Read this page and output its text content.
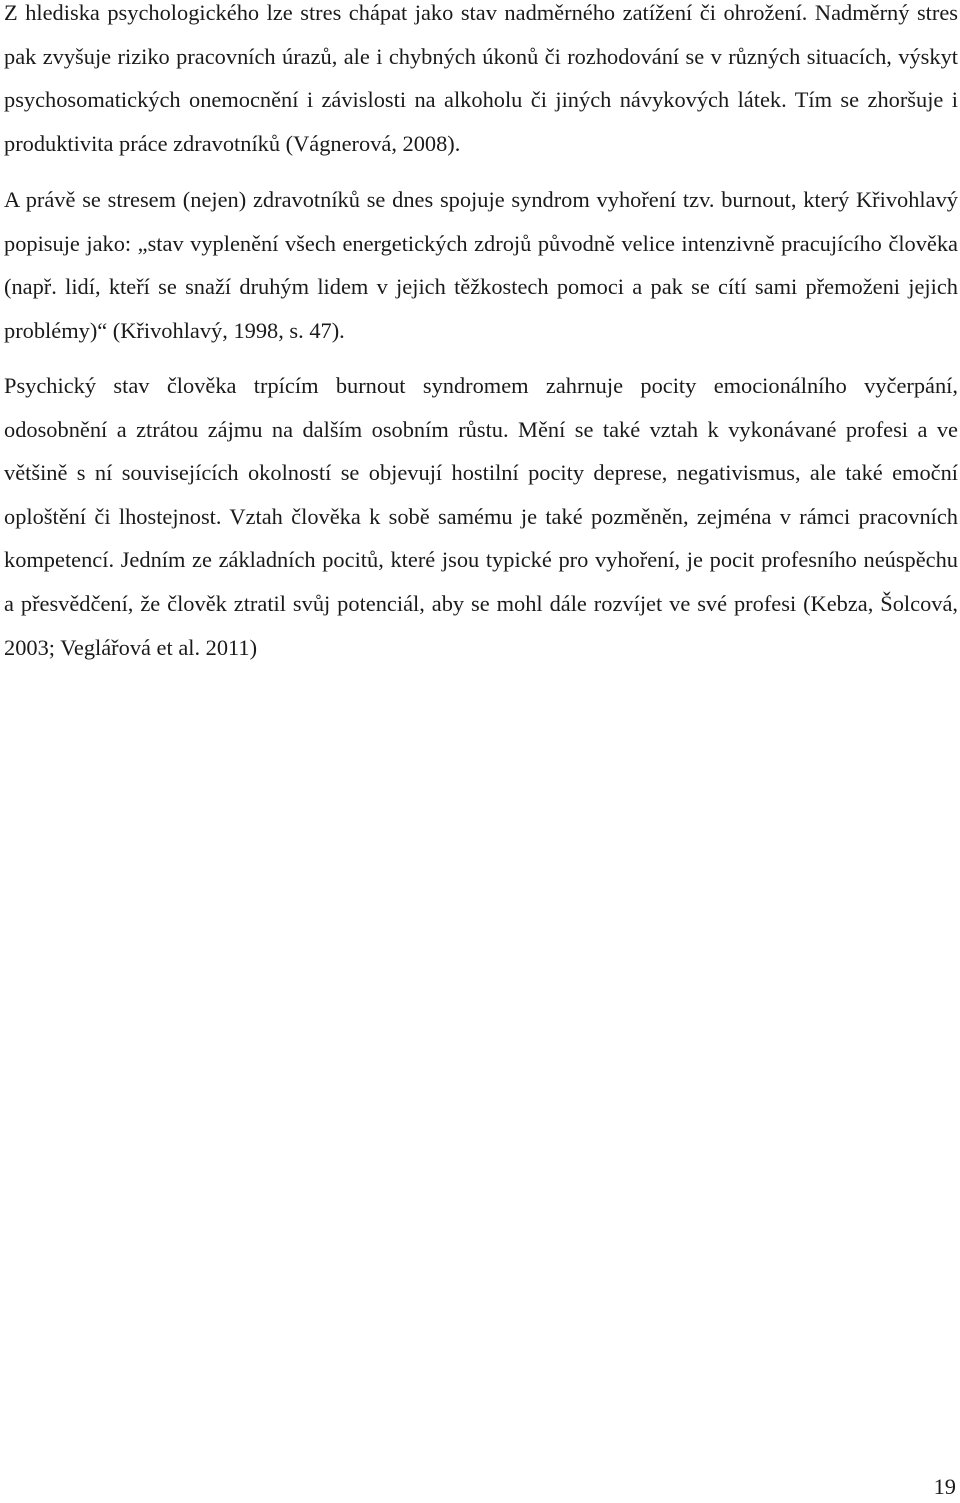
Z hlediska psychologického lze stres chápat jako stav nadměrného zatížení či ohrožení. Nadměrný stres pak zvyšuje riziko pracovních úrazů, ale i chybných úkonů či rozhodování se v různých situacích, výskyt psychosomatických onemocnění i závislosti na alkoholu či jiných návykových látek. Tím se zhoršuje i produktivita práce zdravotníků (Vágnerová, 2008).

A právě se stresem (nejen) zdravotníků se dnes spojuje syndrom vyhoření tzv. burnout, který Křivohlavý popisuje jako: „stav vyplenění všech energetických zdrojů původně velice intenzivně pracujícího člověka (např. lidí, kteří se snaží druhým lidem v jejich těžkostech pomoci a pak se cítí sami přemoženi jejich problémy)“ (Křivohlavý, 1998, s. 47).

Psychický stav člověka trpícím burnout syndromem zahrnuje pocity emocionálního vyčerpání, odosobnění a ztrátou zájmu na dalším osobním růstu. Mění se také vztah k vykonávané profesi a ve většině s ní souvisejících okolností se objevují hostilní pocity deprese, negativismus, ale také emoční oploštění či lhostejnost. Vztah člověka k sobě samému je také pozměněn, zejména v rámci pracovních kompetencí. Jedním ze základních pocitů, které jsou typické pro vyhoření, je pocit profesního neúspěchu a přesvědčení, že člověk ztratil svůj potenciál, aby se mohl dále rozvíjet ve své profesi (Kebza, Šolcová, 2003; Veglářová et al. 2011)

19
